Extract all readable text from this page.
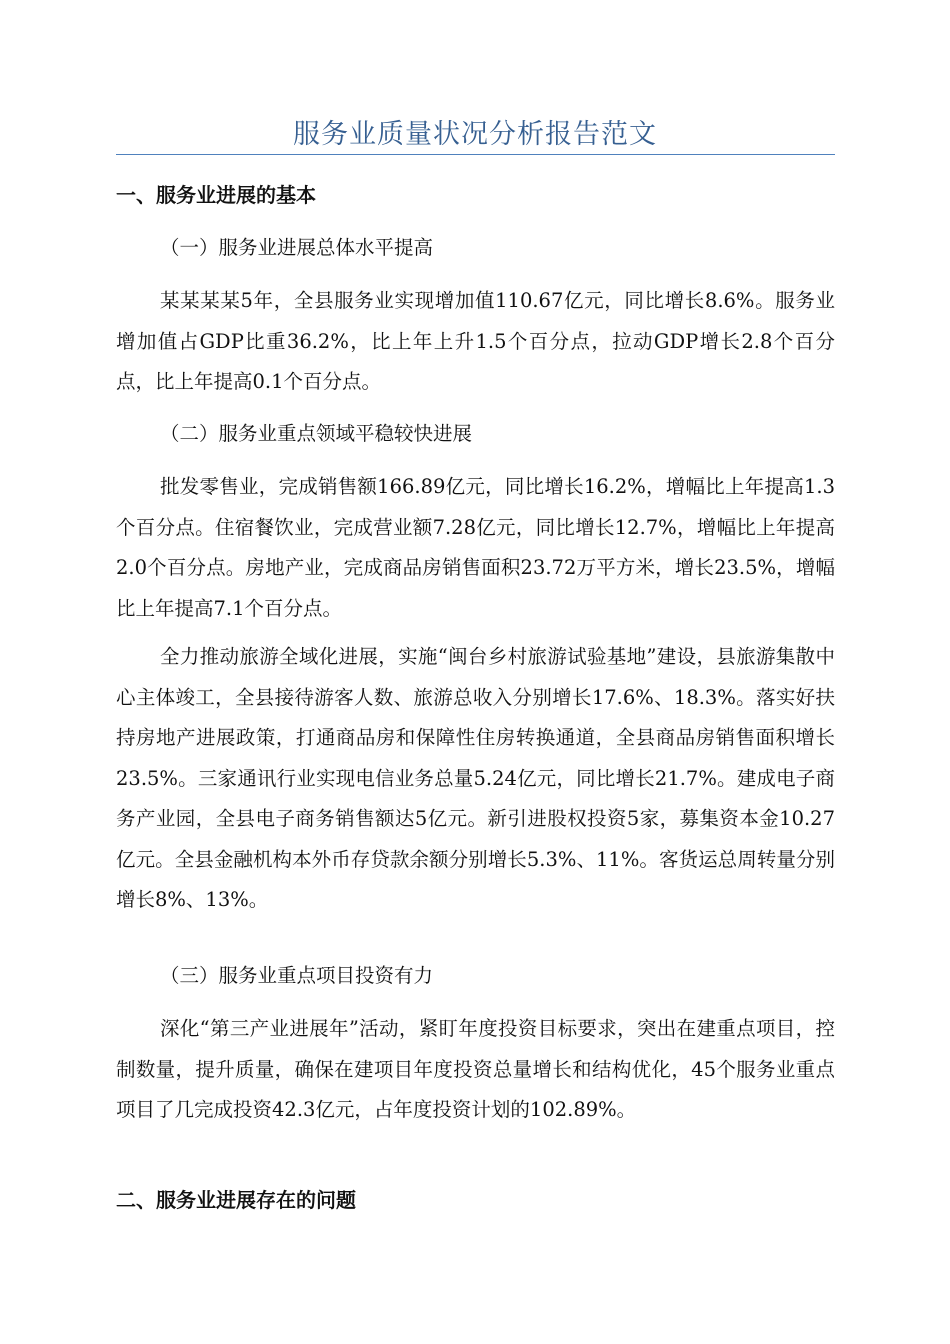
服务业质量状况分析报告范文
一、服务业进展的基本
（一）服务业进展总体水平提高

某某某某5年，全县服务业实现增加值110.67亿元，同比增长8.6%。服务业增加值占GDP比重36.2%，比上年上升1.5个百分点，拉动GDP增长2.8个百分点，比上年提高0.1个百分点。

（二）服务业重点领域平稳较快进展

批发零售业，完成销售额166.89亿元，同比增长16.2%，增幅比上年提高1.3个百分点。住宿餐饮业，完成营业额7.28亿元，同比增长12.7%，增幅比上年提高2.0个百分点。房地产业，完成商品房销售面积23.72万平方米，增长23.5%，增幅比上年提高7.1个百分点。

全力推动旅游全域化进展，实施“闽台乡村旅游试验基地”建设，县旅游集散中心主体竣工，全县接待游客人数、旅游总收入分别增长17.6%、18.3%。落实好扶持房地产进展政策，打通商品房和保障性住房转换通道，全县商品房销售面积增长23.5%。三家通讯行业实现电信业务总量5.24亿元，同比增长21.7%。建成电子商务产业园，全县电子商务销售额达5亿元。新引进股权投资5家，募集资本金10.27亿元。全县金融机构本外币存贷款余额分别增长5.3%、11%。客货运总周转量分别增长8%、13%。

（三）服务业重点项目投资有力

深化“第三产业进展年”活动，紧盯年度投资目标要求，突出在建重点项目，控制数量，提升质量，确保在建项目年度投资总量增长和结构优化，45个服务业重点项目了几完成投资42.3亿元，占年度投资计划的102.89%。

二、服务业进展存在的问题
